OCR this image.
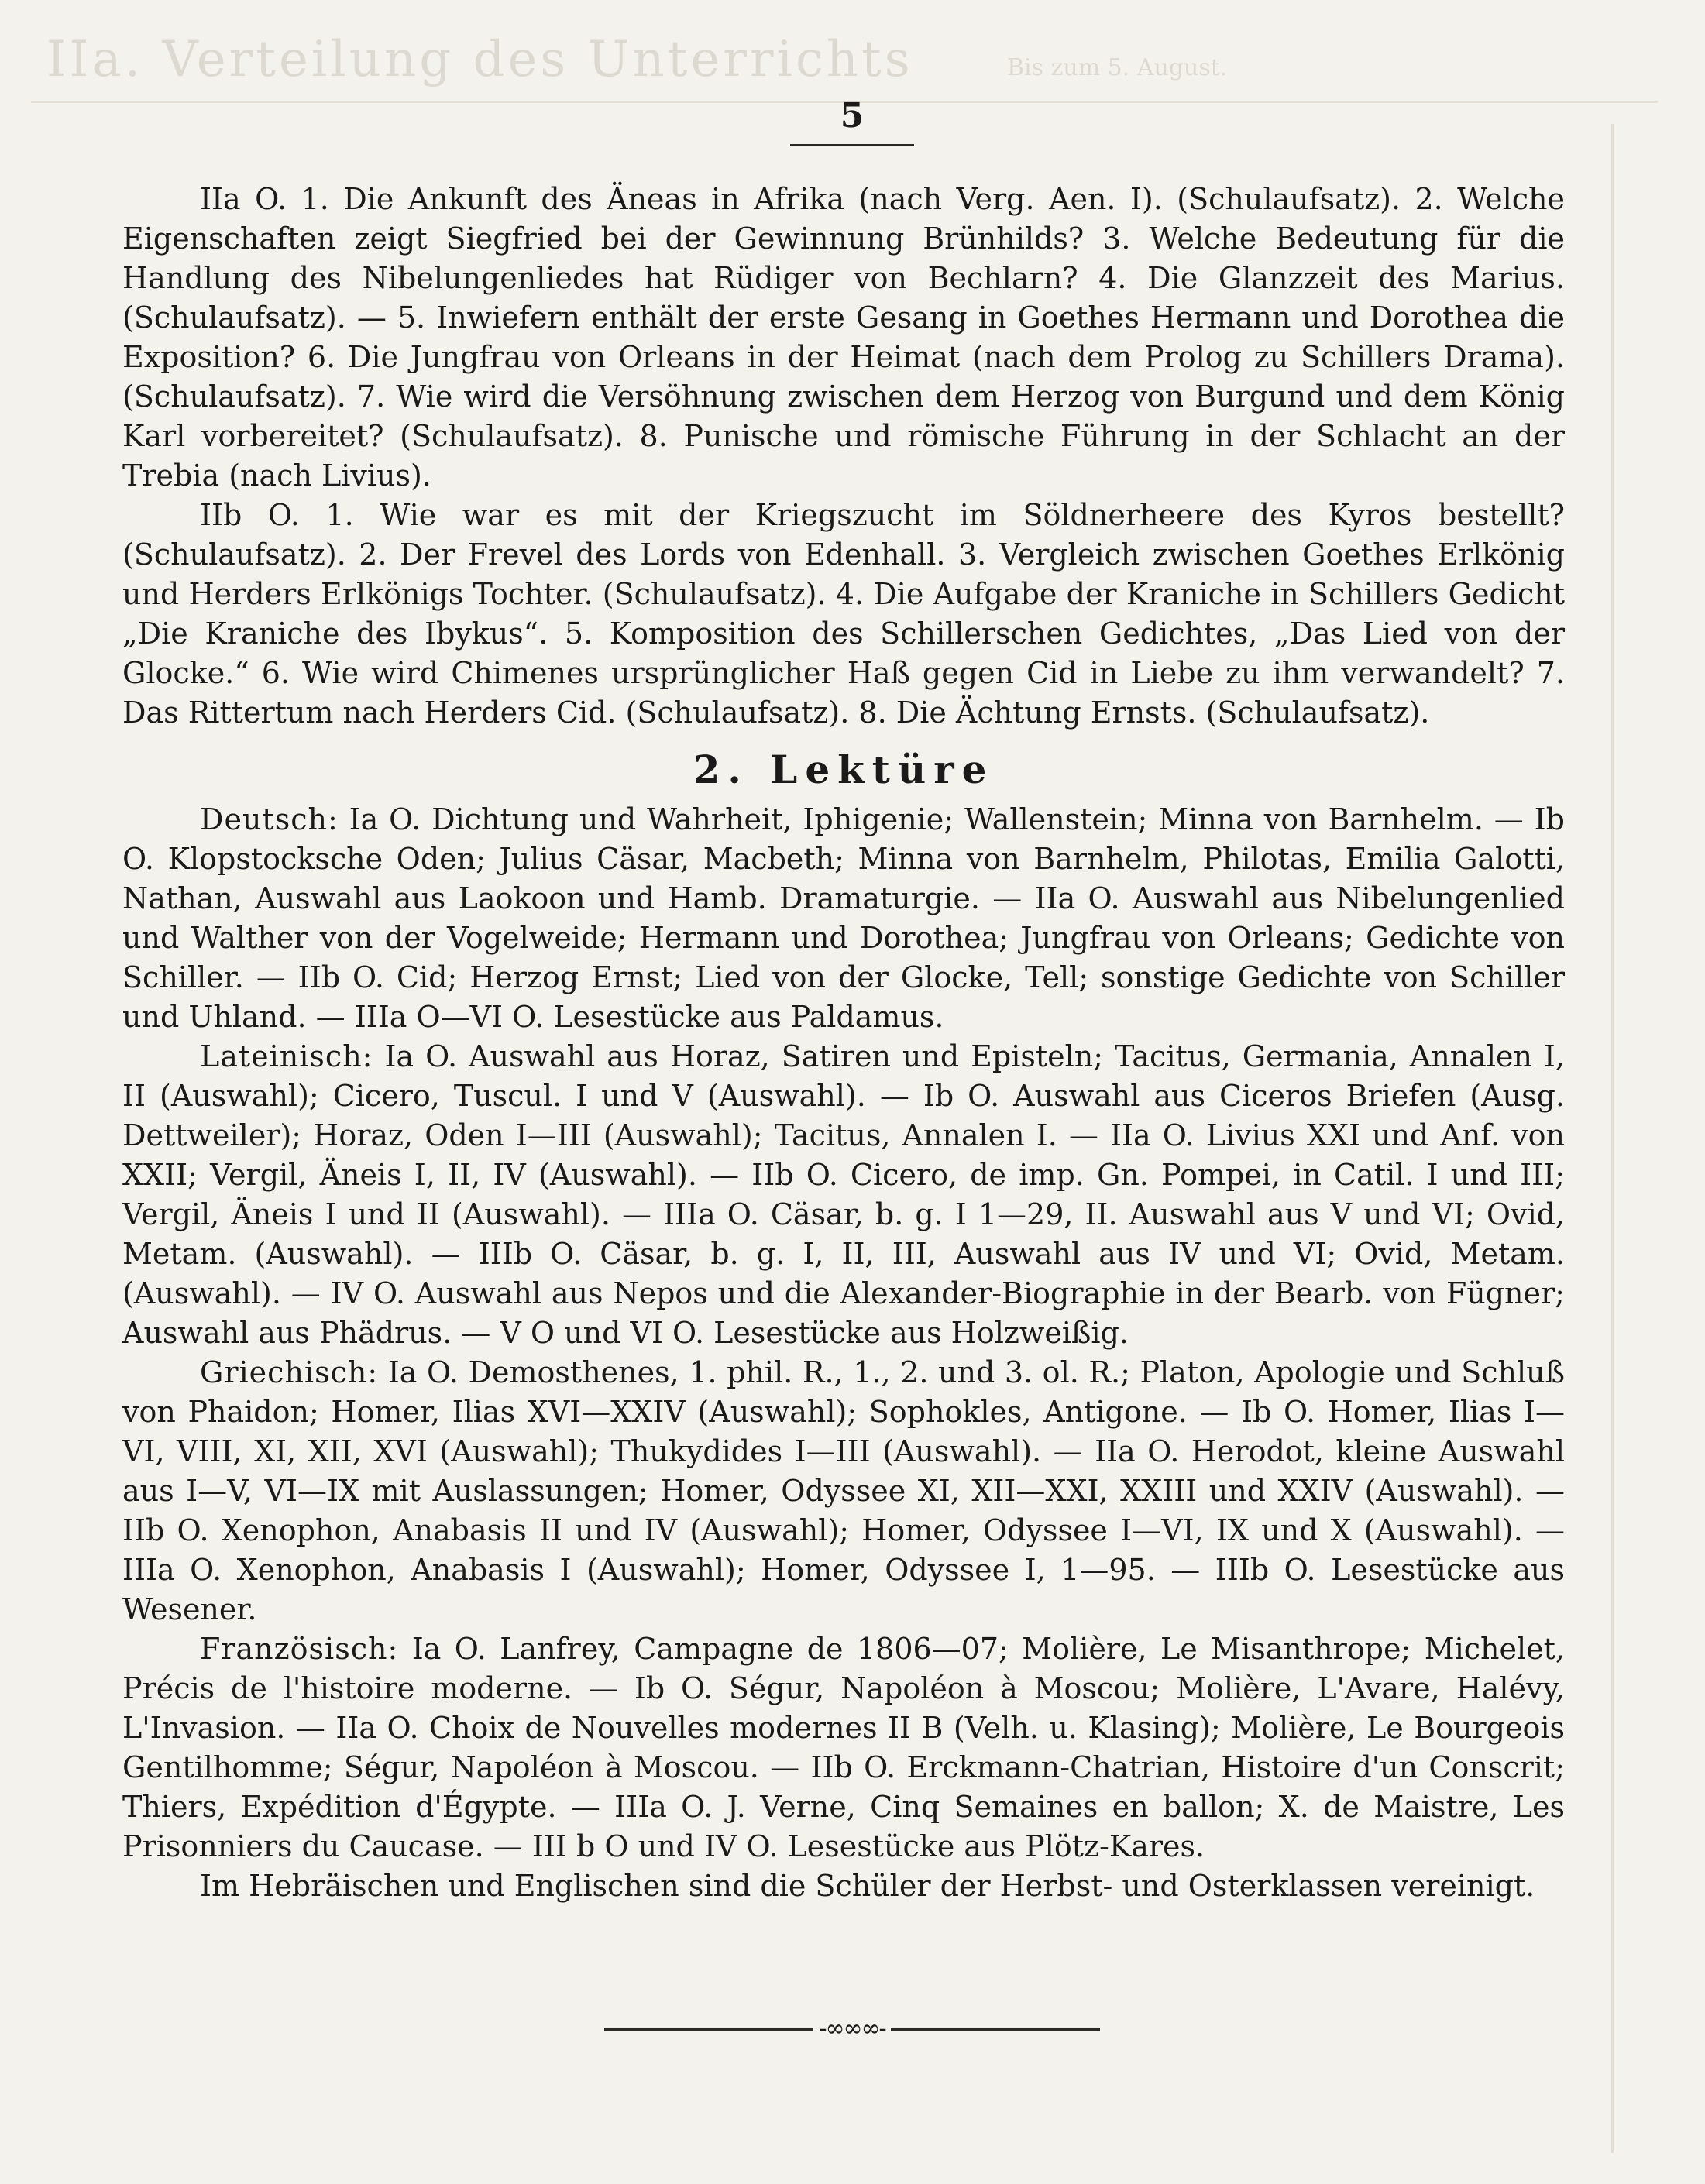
IIa. Verteilung des Unterrichts	Bis zum 5. August.
5

IIa O. 1. Die Ankunft des Äneas in Afrika (nach Verg. Aen. I). (Schulaufsatz). 2. Welche Eigenschaften zeigt Siegfried bei der Gewinnung Brünhilds? 3. Welche Bedeutung für die Handlung des Nibelungenliedes hat Rüdiger von Bechlarn? 4. Die Glanzzeit des Marius. (Schulaufsatz). — 5. Inwiefern enthält der erste Gesang in Goethes Hermann und Dorothea die Exposition? 6. Die Jungfrau von Orleans in der Heimat (nach dem Prolog zu Schillers Drama). (Schulaufsatz). 7. Wie wird die Versöhnung zwischen dem Herzog von Burgund und dem König Karl vorbereitet? (Schulaufsatz). 8. Punische und römische Führung in der Schlacht an der Trebia (nach Livius).

IIb O. 1. Wie war es mit der Kriegszucht im Söldnerheere des Kyros bestellt? (Schulaufsatz). 2. Der Frevel des Lords von Edenhall. 3. Vergleich zwischen Goethes Erlkönig und Herders Erlkönigs Tochter. (Schulaufsatz). 4. Die Aufgabe der Kraniche in Schillers Gedicht „Die Kraniche des Ibykus“. 5. Komposition des Schillerschen Gedichtes, „Das Lied von der Glocke.“ 6. Wie wird Chimenes ursprünglicher Haß gegen Cid in Liebe zu ihm verwandelt? 7. Das Rittertum nach Herders Cid. (Schulaufsatz). 8. Die Ächtung Ernsts. (Schulaufsatz).

2. Lektüre

Deutsch: Ia O. Dichtung und Wahrheit, Iphigenie; Wallenstein; Minna von Barnhelm. — Ib O. Klopstocksche Oden; Julius Cäsar, Macbeth; Minna von Barnhelm, Philotas, Emilia Galotti, Nathan, Auswahl aus Laokoon und Hamb. Dramaturgie. — IIa O. Auswahl aus Nibelungenlied und Walther von der Vogelweide; Hermann und Dorothea; Jungfrau von Orleans; Gedichte von Schiller. — IIb O. Cid; Herzog Ernst; Lied von der Glocke, Tell; sonstige Gedichte von Schiller und Uhland. — IIIa O—VI O. Lesestücke aus Paldamus.

Lateinisch: Ia O. Auswahl aus Horaz, Satiren und Episteln; Tacitus, Germania, Annalen I, II (Auswahl); Cicero, Tuscul. I und V (Auswahl). — Ib O. Auswahl aus Ciceros Briefen (Ausg. Dettweiler); Horaz, Oden I—III (Auswahl); Tacitus, Annalen I. — IIa O. Livius XXI und Anf. von XXII; Vergil, Äneis I, II, IV (Auswahl). — IIb O. Cicero, de imp. Gn. Pompei, in Catil. I und III; Vergil, Äneis I und II (Auswahl). — IIIa O. Cäsar, b. g. I 1—29, II. Auswahl aus V und VI; Ovid, Metam. (Auswahl). — IIIb O. Cäsar, b. g. I, II, III, Auswahl aus IV und VI; Ovid, Metam. (Auswahl). — IV O. Auswahl aus Nepos und die Alexander-Biographie in der Bearb. von Fügner; Auswahl aus Phädrus. — V O und VI O. Lesestücke aus Holzweißig.

Griechisch: Ia O. Demosthenes, 1. phil. R., 1., 2. und 3. ol. R.; Platon, Apologie und Schluß von Phaidon; Homer, Ilias XVI—XXIV (Auswahl); Sophokles, Antigone. — Ib O. Homer, Ilias I—VI, VIII, XI, XII, XVI (Auswahl); Thukydides I—III (Auswahl). — IIa O. Herodot, kleine Auswahl aus I—V, VI—IX mit Auslassungen; Homer, Odyssee XI, XII—XXI, XXIII und XXIV (Auswahl). — IIb O. Xenophon, Anabasis II und IV (Auswahl); Homer, Odyssee I—VI, IX und X (Auswahl). — IIIa O. Xenophon, Anabasis I (Auswahl); Homer, Odyssee I, 1—95. — IIIb O. Lesestücke aus Wesener.

Französisch: Ia O. Lanfrey, Campagne de 1806—07; Molière, Le Misanthrope; Michelet, Précis de l'histoire moderne. — Ib O. Ségur, Napoléon à Moscou; Molière, L'Avare, Halévy, L'Invasion. — IIa O. Choix de Nouvelles modernes II B (Velh. u. Klasing); Molière, Le Bourgeois Gentilhomme; Ségur, Napoléon à Moscou. — IIb O. Erckmann-Chatrian, Histoire d'un Conscrit; Thiers, Expédition d'Égypte. — IIIa O. J. Verne, Cinq Semaines en ballon; X. de Maistre, Les Prisonniers du Caucase. — III b O und IV O. Lesestücke aus Plötz-Kares.

Im Hebräischen und Englischen sind die Schüler der Herbst- und Osterklassen vereinigt.

-∞∞∞-
